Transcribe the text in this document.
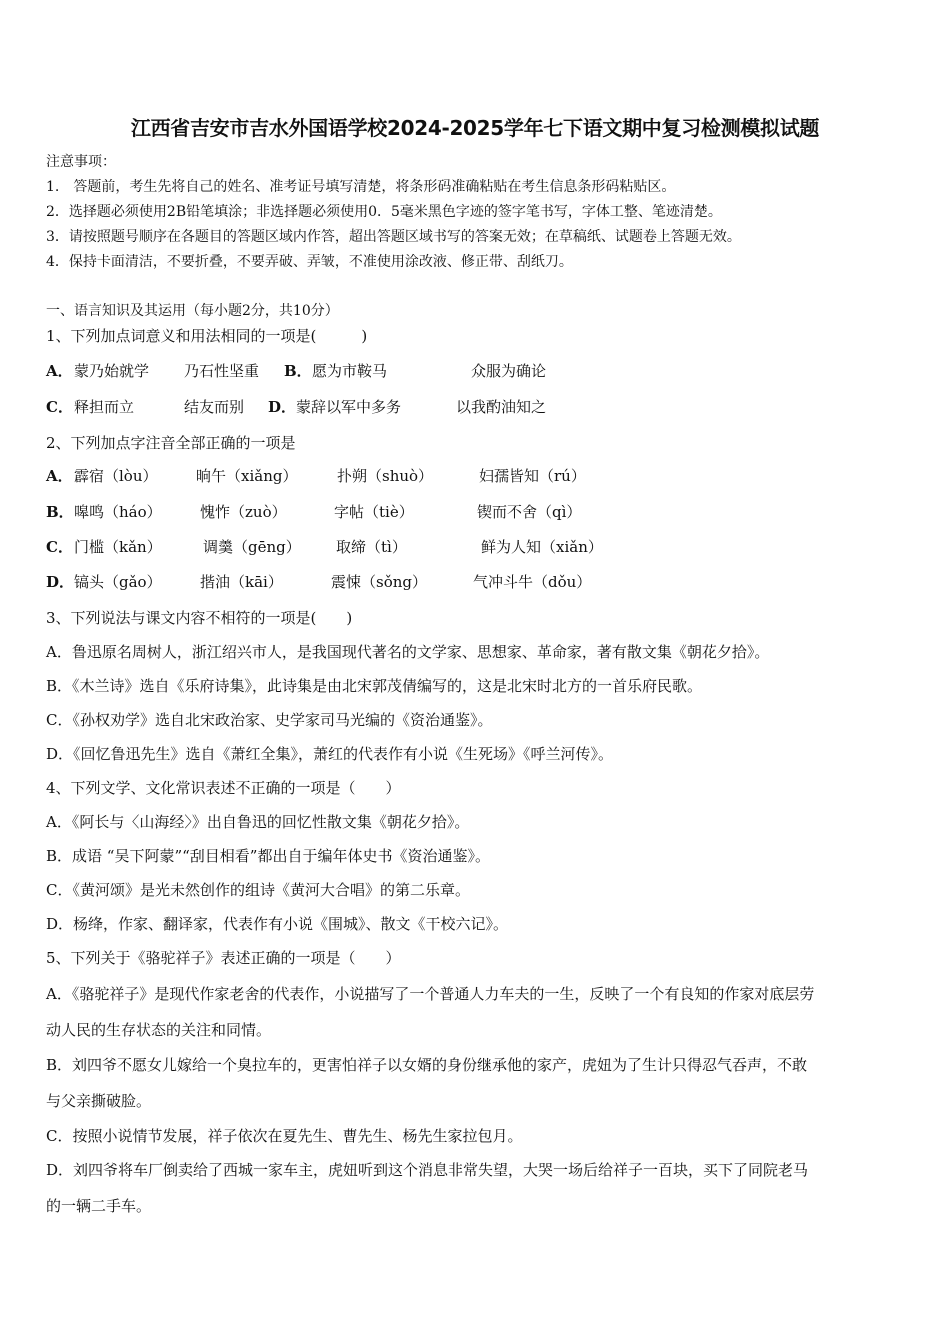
江西省吉安市吉水外国语学校2024-2025学年七下语文期中复习检测模拟试题
注意事项：
1.　答题前，考生先将自己的姓名、准考证号填写清楚，将条形码准确粘贴在考生信息条形码粘贴区。
2．选择题必须使用2B铅笔填涂；非选择题必须使用0．5毫米黑色字迹的签字笔书写，字体工整、笔迹清楚。
3．请按照题号顺序在各题目的答题区域内作答，超出答题区域书写的答案无效；在草稿纸、试题卷上答题无效。
4．保持卡面清洁，不要折叠，不要弄破、弄皱，不准使用涂改液、修正带、刮纸刀。
一、语言知识及其运用（每小题2分，共10分）
1、下列加点词意义和用法相同的一项是(　　　)
A． 蒙乃始就学 乃石性坚重 B． 愿为市鞍马	众服为确论
C． 释担而立	结友而别 D． 蒙辞以军中多务	以我酌油知之
2、下列加点字注音全部正确的一项是
A． 霹宿（lòu）	晌午（xiǎng）	扑朔（shuò）	妇孺皆知（rú）
B． 嗥鸣（háo）	愧怍（zuò）	字帖（tiè）	锲而不舍（qì）
C． 门槛（kǎn）	调羹（gēng） 取缔（tì）	鲜为人知（xiǎn）
D． 镐头（gǎo）	揩油（kāi）	震悚（sǒng）	气冲斗牛（dǒu）
3、下列说法与课文内容不相符的一项是(　　)
A．鲁迅原名周树人，浙江绍兴市人，是我国现代著名的文学家、思想家、革命家，著有散文集《朝花夕拾》。
B．《木兰诗》选自《乐府诗集》，此诗集是由北宋郭茂倩编写的，这是北宋时北方的一首乐府民歌。
C．《孙权劝学》选自北宋政治家、史学家司马光编的《资治通鉴》。
D．《回忆鲁迅先生》选自《萧红全集》，萧红的代表作有小说《生死场》《呼兰河传》。
4、下列文学、文化常识表述不正确的一项是（　　）
A．《阿长与〈山海经〉》出自鲁迅的回忆性散文集《朝花夕拾》。
B．成语 “吴下阿蒙”“刮目相看”都出自于编年体史书《资治通鉴》。
C．《黄河颂》是光未然创作的组诗《黄河大合唱》的第二乐章。
D．杨绛，作家、翻译家，代表作有小说《围城》、散文《干校六记》。
5、下列关于《骆驼祥子》表述正确的一项是（　　）
A．《骆驼祥子》是现代作家老舍的代表作，小说描写了一个普通人力车夫的一生，反映了一个有良知的作家对底层劳
动人民的生存状态的关注和同情。
B．刘四爷不愿女儿嫁给一个臭拉车的，更害怕祥子以女婿的身份继承他的家产，虎妞为了生计只得忍气吞声，不敢
与父亲撕破脸。
C．按照小说情节发展，祥子依次在夏先生、曹先生、杨先生家拉包月。
D．刘四爷将车厂倒卖给了西城一家车主，虎妞听到这个消息非常失望，大哭一场后给祥子一百块，买下了同院老马
的一辆二手车。
